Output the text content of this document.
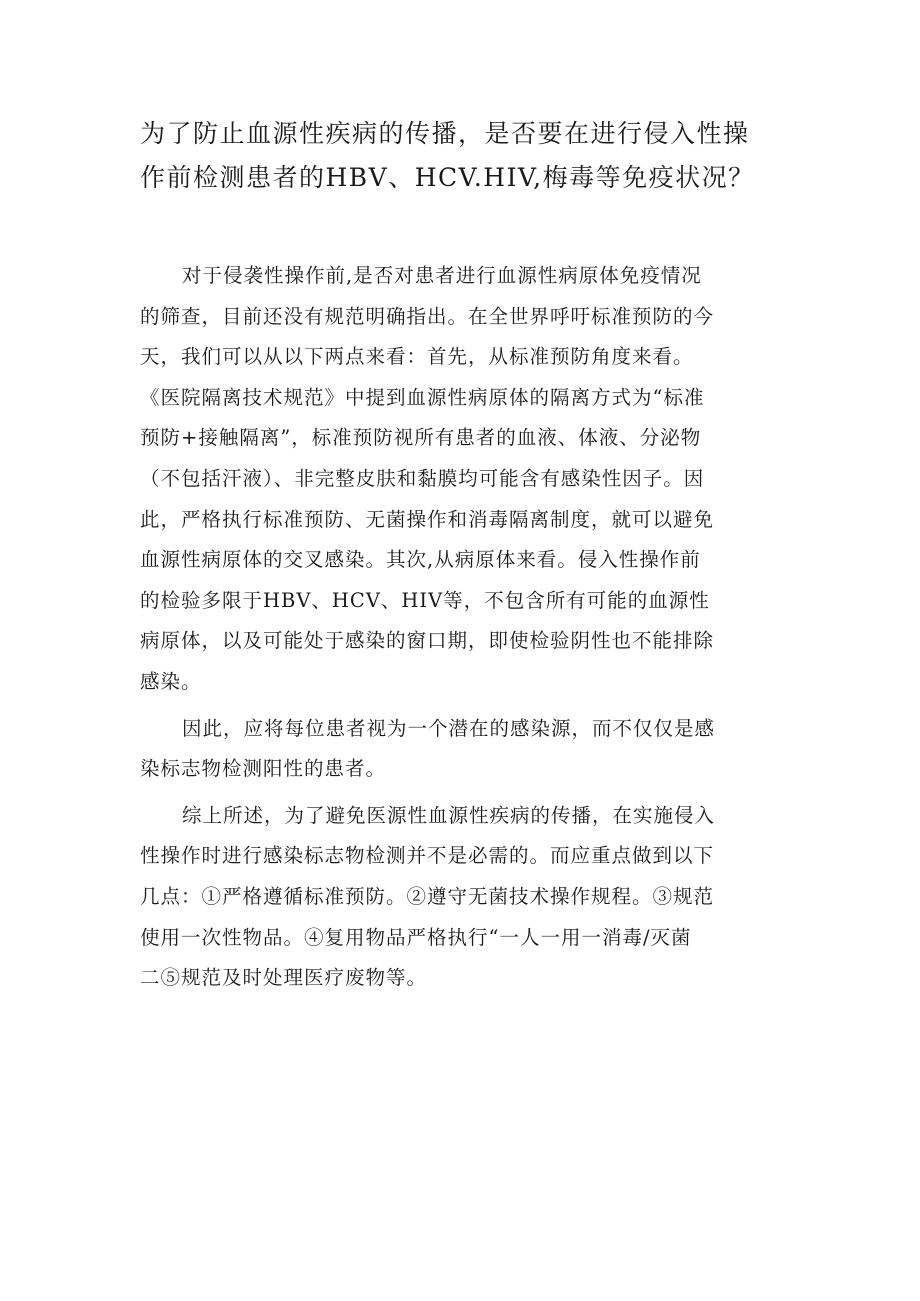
为了防止血源性疾病的传播，是否要在进行侵入性操
作前检测患者的HBV、HCV.HIV,梅毒等免疫状况？
对于侵袭性操作前,是否对患者进行血源性病原体免疫情况
的筛查，目前还没有规范明确指出。在全世界呼吁标准预防的今
天，我们可以从以下两点来看：首先，从标准预防角度来看。
《医院隔离技术规范》中提到血源性病原体的隔离方式为“标准
预防+接触隔离”，标准预防视所有患者的血液、体液、分泌物
（不包括汗液）、非完整皮肤和黏膜均可能含有感染性因子。因
此，严格执行标准预防、无菌操作和消毒隔离制度，就可以避免
血源性病原体的交叉感染。其次,从病原体来看。侵入性操作前
的检验多限于HBV、HCV、HIV等，不包含所有可能的血源性
病原体，以及可能处于感染的窗口期，即使检验阴性也不能排除
感染。
因此，应将每位患者视为一个潜在的感染源，而不仅仅是感
染标志物检测阳性的患者。
综上所述，为了避免医源性血源性疾病的传播，在实施侵入
性操作时进行感染标志物检测并不是必需的。而应重点做到以下
几点：①严格遵循标准预防。②遵守无菌技术操作规程。③规范
使用一次性物品。④复用物品严格执行“一人一用一消毒/灭菌
二⑤规范及时处理医疗废物等。
